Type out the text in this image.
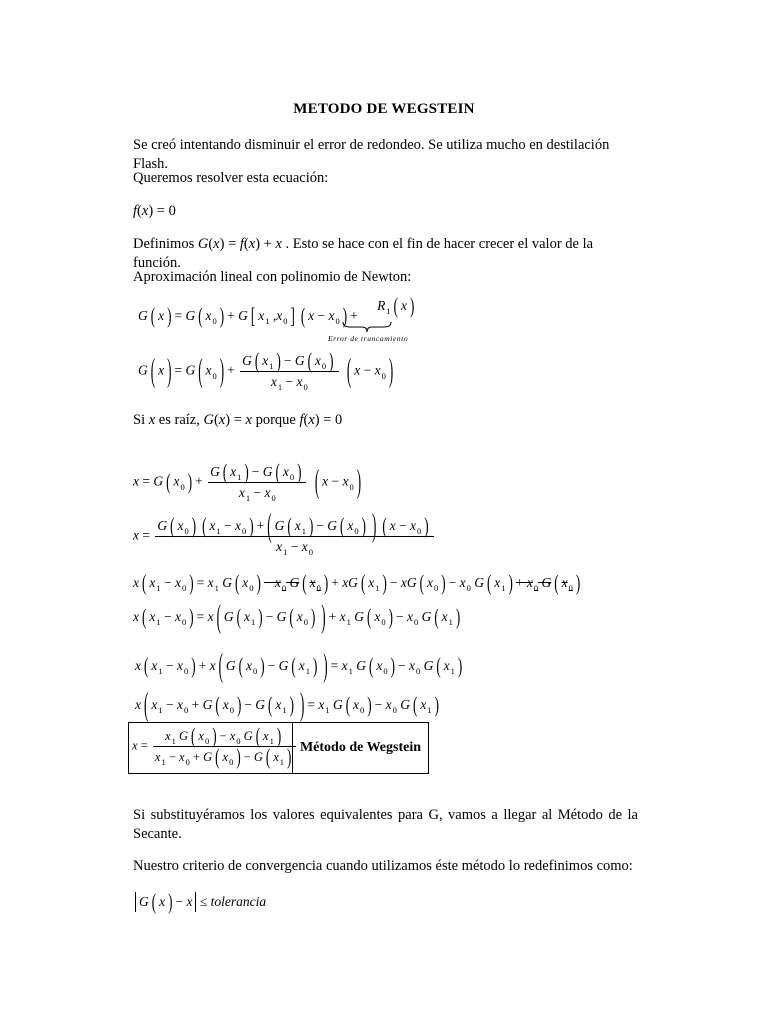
METODO DE WEGSTEIN
Se creó intentando disminuir el error de redondeo. Se utiliza mucho en destilación Flash.
Queremos resolver esta ecuación:
f(x) = 0
Definimos G(x) = f(x) + x . Esto se hace con el fin de hacer crecer el valor de la función.
Aproximación lineal con polinomio de Newton:
G ( x ) = G ( $x_0$ ) + G [ $x_1$ $,x_0$ ] ( $x - x_0$ ) + $R_1$ ( x )
Error de truncamiento
G ( x ) = G ( $x_0$ ) + $\frac{G ( x_1 ) - G ( x_0 )}{x_1 - x_0}$ ( $x - x_0$ )
Si x es raíz, G(x) = x porque f(x) = 0
x = G ( $x_0$ ) + $\frac{G ( x_1 ) - G ( x_0 )}{x_1 - x_0}$ ( $x - x_0$ )
$x = \frac{G ( x_0 ) ( x_1 - x_0 ) + ( G ( x_1 ) - G ( x_0 ) ) ( x - x_0 )}{x_1 - x_0}$
x ( $x_1 - x_0$ ) = $x_1$ G ( $x_0$ ) − $x_0$ G ( $x_0$ ) + xG ( $x_1$ ) − xG ( $x_0$ ) − $x_0$ G ( $x_1$ ) + $x_0$ G ( $x_0$ )
x ( $x_1 - x_0$ ) = x ( G ( $x_1$ ) − G ( $x_0$ ) ) + $x_1$ G ( $x_0$ ) − $x_0$ G ( $x_1$ )
x ( $x_1 - x_0$ ) + x ( G ( $x_0$ ) − G ( $x_1$ ) ) = $x_1$ G ( $x_0$ ) − $x_0$ G ( $x_1$ )
x ( $x_1 - x_0 + G$ ( $x_0$ ) − G ( $x_1$ ) ) = $x_1$ G ( $x_0$ ) − $x_0$ G ( $x_1$ )
$x = \frac{x_1 G ( x_0 ) - x_0 G ( x_1 )}{x_1 - x_0 + G ( x_0 ) - G ( x_1 )}$ Método de Wegstein
Si substituyéramos los valores equivalentes para G, vamos a llegar al Método de la Secante.
Nuestro criterio de convergencia cuando utilizamos éste método lo redefinimos como:
G ( x ) − x ≤ tolerancia
